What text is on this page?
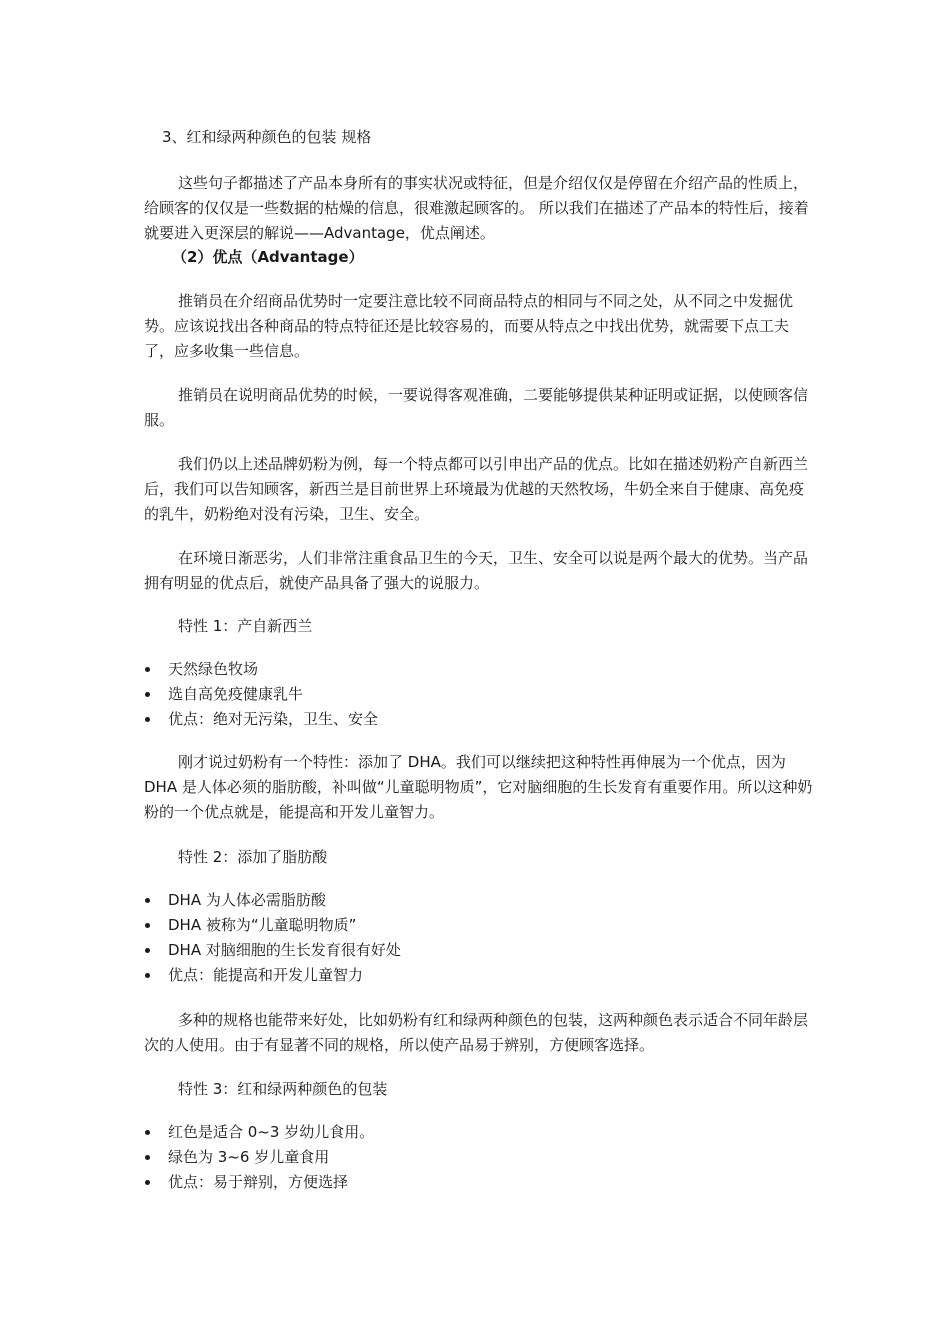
3、红和绿两种颜色的包装 规格

这些句子都描述了产品本身所有的事实状况或特征，但是介绍仅仅是停留在介绍产品的性质上，给顾客的仅仅是一些数据的枯燥的信息，很难激起顾客的。 所以我们在描述了产品本的特性后，接着就要进入更深层的解说——Advantage，优点阐述。

（2）优点（Advantage）

推销员在介绍商品优势时一定要注意比较不同商品特点的相同与不同之处，从不同之中发掘优势。应该说找出各种商品的特点特征还是比较容易的，而要从特点之中找出优势，就需要下点工夫了，应多收集一些信息。

推销员在说明商品优势的时候，一要说得客观准确，二要能够提供某种证明或证据，以使顾客信服。

我们仍以上述品牌奶粉为例，每一个特点都可以引申出产品的优点。比如在描述奶粉产自新西兰后，我们可以告知顾客，新西兰是目前世界上环境最为优越的天然牧场，牛奶全来自于健康、高免疫的乳牛，奶粉绝对没有污染，卫生、安全。

在环境日渐恶劣，人们非常注重食品卫生的今天，卫生、安全可以说是两个最大的优势。当产品拥有明显的优点后，就使产品具备了强大的说服力。

特性 1：产自新西兰

天然绿色牧场
选自高免疫健康乳牛
优点：绝对无污染，卫生、安全

刚才说过奶粉有一个特性：添加了 DHA。我们可以继续把这种特性再伸展为一个优点，因为 DHA 是人体必须的脂肪酸，补叫做“儿童聪明物质”，它对脑细胞的生长发育有重要作用。所以这种奶粉的一个优点就是，能提高和开发儿童智力。

特性 2：添加了脂肪酸

DHA 为人体必需脂肪酸
DHA 被称为“儿童聪明物质”
DHA 对脑细胞的生长发育很有好处
优点：能提高和开发儿童智力

多种的规格也能带来好处，比如奶粉有红和绿两种颜色的包装，这两种颜色表示适合不同年龄层次的人使用。由于有显著不同的规格，所以使产品易于辨别，方便顾客选择。

特性 3：红和绿两种颜色的包装

红色是适合 0~3 岁幼儿食用。
绿色为 3~6 岁儿童食用
优点：易于辩别，方便选择
